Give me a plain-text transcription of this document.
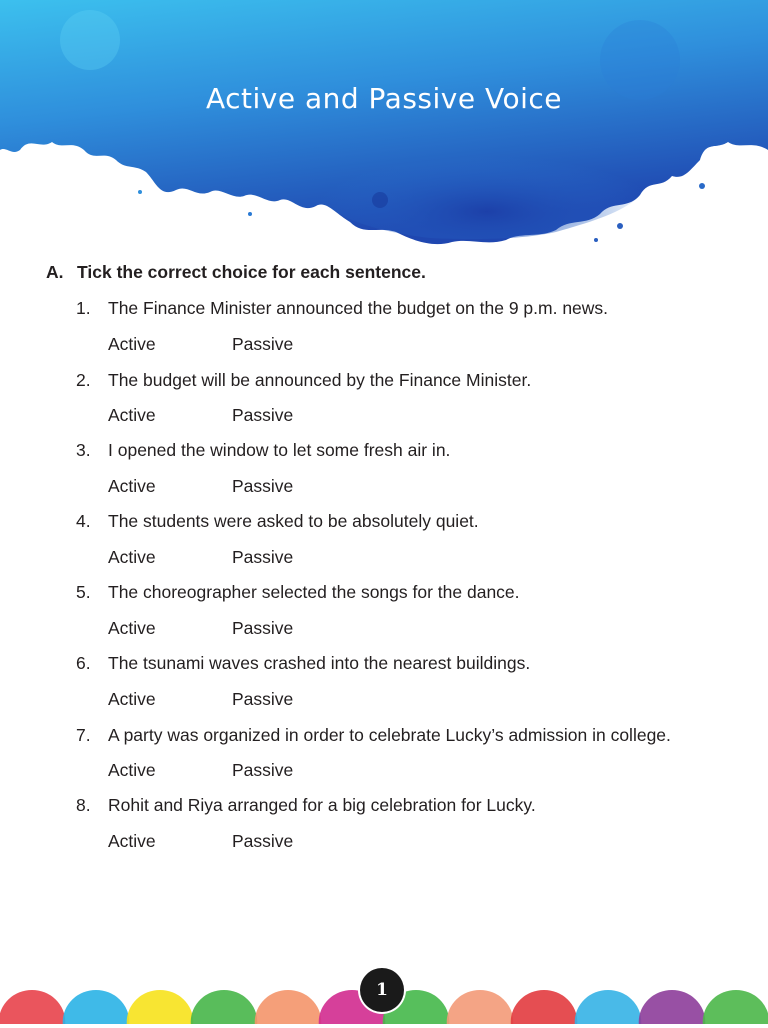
Active and Passive Voice
A. Tick the correct choice for each sentence.
1. The Finance Minister announced the budget on the 9 p.m. news.
Active	Passive
2. The budget will be announced by the Finance Minister.
Active	Passive
3. I opened the window to let some fresh air in.
Active	Passive
4. The students were asked to be absolutely quiet.
Active	Passive
5. The choreographer selected the songs for the dance.
Active	Passive
6. The tsunami waves crashed into the nearest buildings.
Active	Passive
7. A party was organized in order to celebrate Lucky’s admission in college.
Active	Passive
8. Rohit and Riya arranged for a big celebration for Lucky.
Active	Passive
1
